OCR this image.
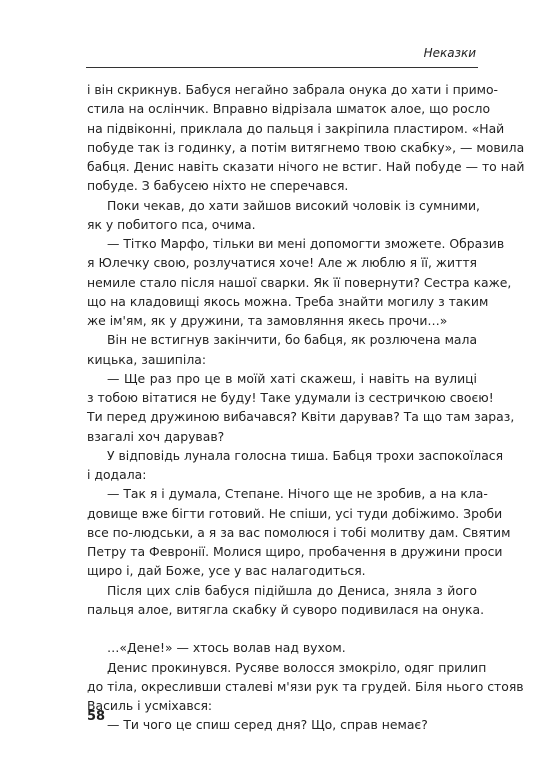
Неказки
і він скрикнув. Бабуся негайно забрала онука до хати і примо-
стила на ослінчик. Вправно відрізала шматок алое, що росло
на підвіконні, приклала до пальця і закріпила пластиром. «Най
побуде так із годинку, а потім витягнемо твою скабку», — мовила
бабця. Денис навіть сказати нічого не встиг. Най побуде — то най
побуде. З бабусею ніхто не сперечався.
Поки чекав, до хати зайшов високий чоловік із сумними,
як у побитого пса, очима.
— Тітко Марфо, тільки ви мені допомогти зможете. Образив
я Юлечку свою, розлучатися хоче! Але ж люблю я її, життя
немиле стало після нашої сварки. Як її повернути? Сестра каже,
що на кладовищі якось можна. Треба знайти могилу з таким
же ім'ям, як у дружини, та замовляння якесь прочи…»
Він не встигнув закінчити, бо бабця, як розлючена мала
кицька, зашипіла:
— Ще раз про це в моїй хаті скажеш, і навіть на вулиці
з тобою вітатися не буду! Таке удумали із сестричкою своєю!
Ти перед дружиною вибачався? Квіти дарував? Та що там зараз,
взагалі хоч дарував?
У відповідь лунала голосна тиша. Бабця трохи заспокоїлася
і додала:
— Так я і думала, Степане. Нічого ще не зробив, а на кла-
довище вже бігти готовий. Не спіши, усі туди добіжимо. Зроби
все по-людськи, а я за вас помолюся і тобі молитву дам. Святим
Петру та Февронії. Молися щиро, пробачення в дружини проси
щиро і, дай Боже, усе у вас налагодиться.
Після цих слів бабуся підійшла до Дениса, зняла з його
пальця алое, витягла скабку й суворо подивилася на онука.
…«Дене!» — хтось волав над вухом.
Денис прокинувся. Русяве волосся змокріло, одяг прилип
до тіла, окресливши сталеві м'язи рук та грудей. Біля нього стояв
Василь і усміхався:
— Ти чого це спиш серед дня? Що, справ немає?
58
